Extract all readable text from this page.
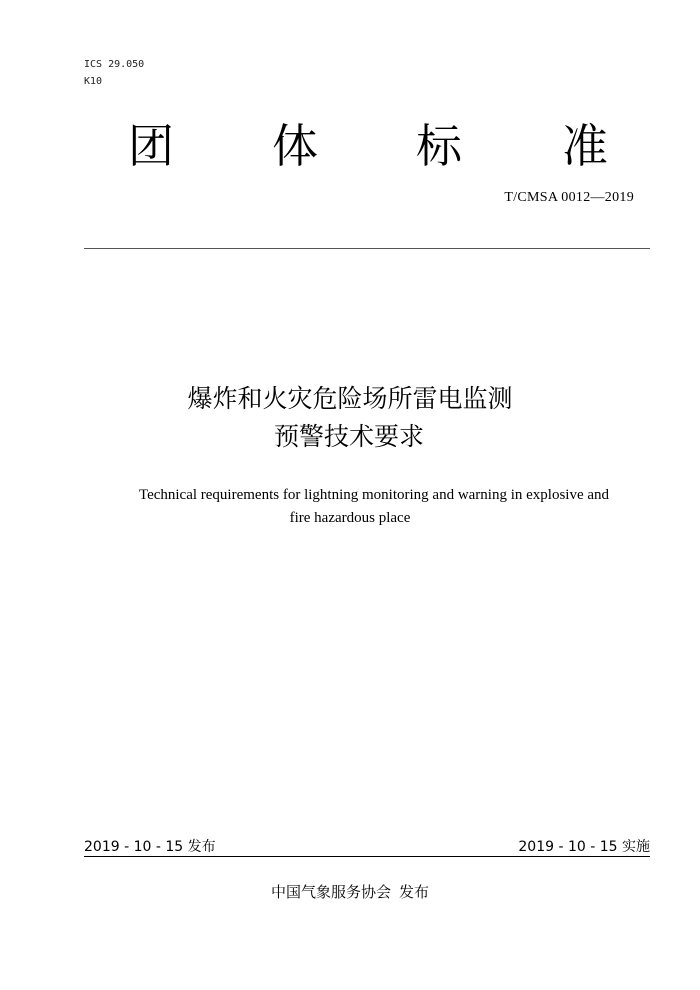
ICS 29.050
K10
团 体 标 准
T/CMSA 0012—2019
爆炸和火灾危险场所雷电监测
预警技术要求
Technical requirements for lightning monitoring and warning in explosive and
fire hazardous place
2019 - 10 - 15 发布	2019 - 10 - 15 实施
中国气象服务协会 发布
